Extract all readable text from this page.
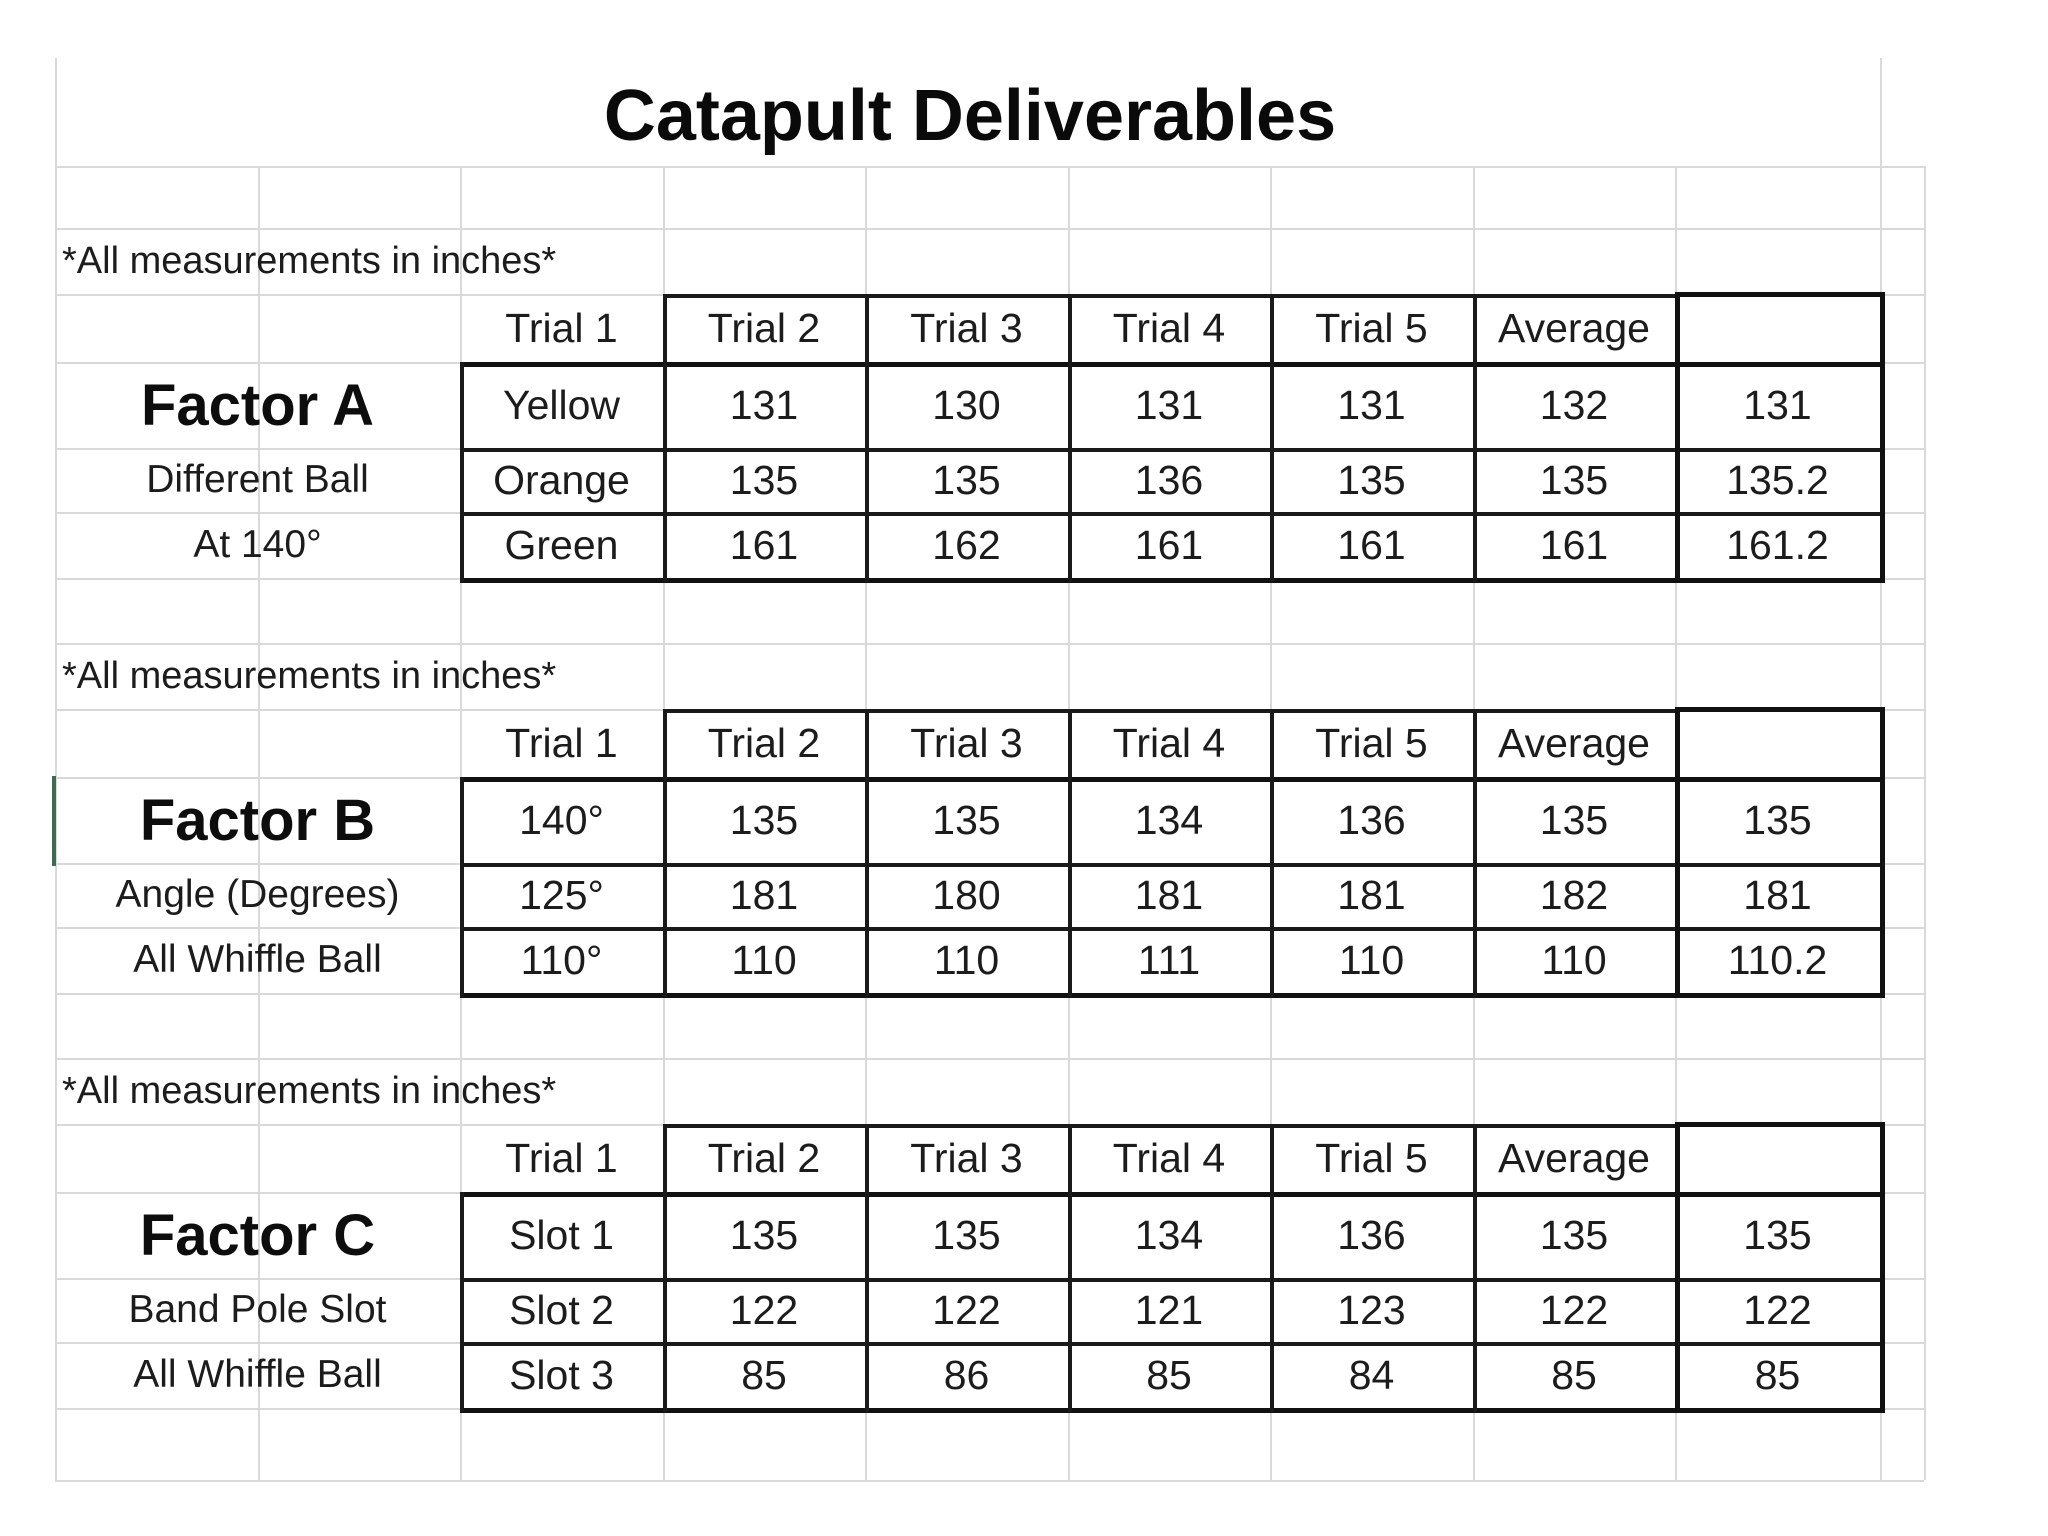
Catapult Deliverables
*All measurements in inches*
Trial 1	Trial 2	Trial 3	Trial 4	Trial 5	Average
Factor A
Different Ball
At 140°
Yellow	131	130	131	131	132	131
Orange	135	135	136	135	135	135.2
Green	161	162	161	161	161	161.2
*All measurements in inches*
Trial 1	Trial 2	Trial 3	Trial 4	Trial 5	Average
Factor B
Angle (Degrees)
All Whiffle Ball
140°	135	135	134	136	135	135
125°	181	180	181	181	182	181
110°	110	110	111	110	110	110.2
*All measurements in inches*
Trial 1	Trial 2	Trial 3	Trial 4	Trial 5	Average
Factor C
Band Pole Slot
All Whiffle Ball
Slot 1	135	135	134	136	135	135
Slot 2	122	122	121	123	122	122
Slot 3	85	86	85	84	85	85
